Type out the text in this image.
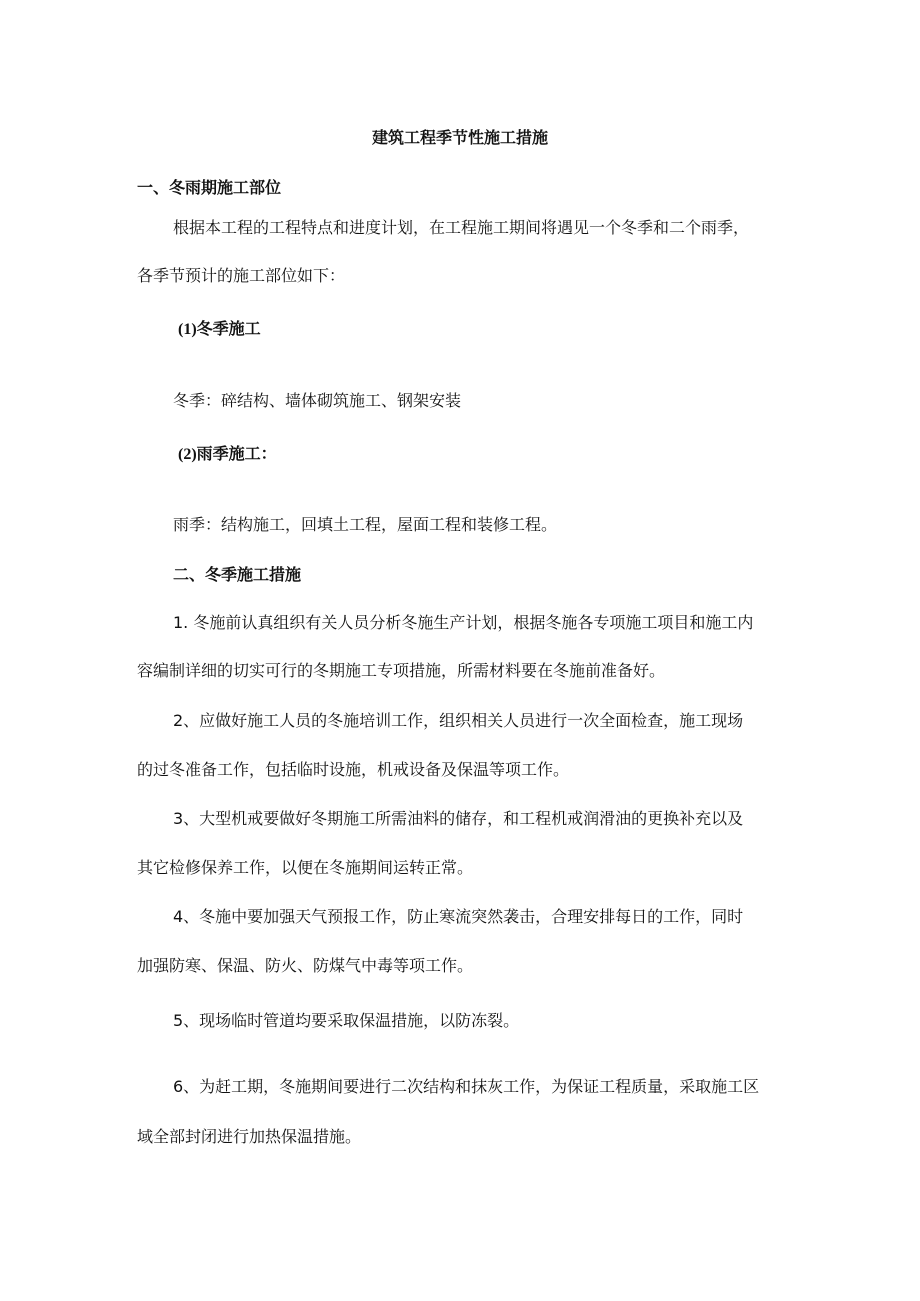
建筑工程季节性施工措施
一、冬雨期施工部位
根据本工程的工程特点和进度计划，在工程施工期间将遇见一个冬季和二个雨季，
各季节预计的施工部位如下：
(1)冬季施工
冬季：碎结构、墙体砌筑施工、钢架安装
(2)雨季施工：
雨季：结构施工，回填土工程，屋面工程和装修工程。
二、冬季施工措施
1. 冬施前认真组织有关人员分析冬施生产计划，根据冬施各专项施工项目和施工内
容编制详细的切实可行的冬期施工专项措施，所需材料要在冬施前准备好。
2、应做好施工人员的冬施培训工作，组织相关人员进行一次全面检查，施工现场
的过冬准备工作，包括临时设施，机戒设备及保温等项工作。
3、大型机戒要做好冬期施工所需油料的储存，和工程机戒润滑油的更换补充以及
其它检修保养工作，以便在冬施期间运转正常。
4、冬施中要加强天气预报工作，防止寒流突然袭击，合理安排每日的工作，同时
加强防寒、保温、防火、防煤气中毒等项工作。
5、现场临时管道均要采取保温措施，以防冻裂。
6、为赶工期，冬施期间要进行二次结构和抹灰工作，为保证工程质量，采取施工区
域全部封闭进行加热保温措施。
